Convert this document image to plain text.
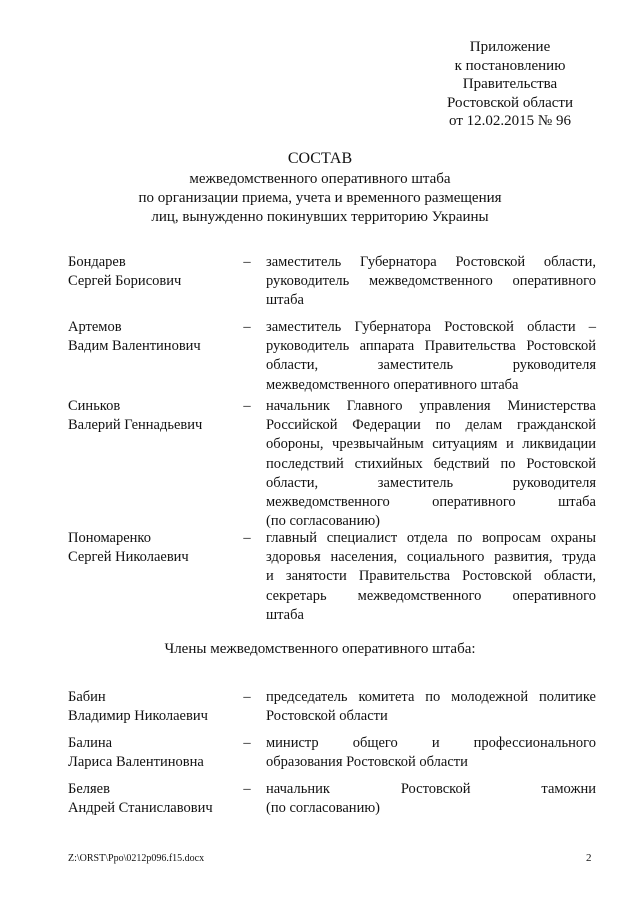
Приложение
к постановлению
Правительства
Ростовской области
от 12.02.2015 № 96
СОСТАВ
межведомственного оперативного штаба
по организации приема, учета и временного размещения
лиц, вынужденно покинувших территорию Украины
Бондарев
Сергей Борисович
– заместитель Губернатора Ростовской области,
руководитель межведомственного оперативного
штаба
Артемов
Вадим Валентинович
– заместитель Губернатора Ростовской области –
руководитель аппарата Правительства Ростовской
области, заместитель руководителя
межведомственного оперативного штаба
Синьков
Валерий Геннадьевич
– начальник Главного управления Министерства
Российской Федерации по делам гражданской
обороны, чрезвычайным ситуациям и ликвидации
последствий стихийных бедствий по Ростовской
области, заместитель руководителя
межведомственного оперативного штаба
(по согласованию)
Пономаренко
Сергей Николаевич
– главный специалист отдела по вопросам охраны
здоровья населения, социального развития, труда
и занятости Правительства Ростовской области,
секретарь межведомственного оперативного
штаба
Члены межведомственного оперативного штаба:
Бабин
Владимир Николаевич
– председатель комитета по молодежной политике
Ростовской области
Балина
Лариса Валентиновна
– министр общего и профессионального
образования Ростовской области
Беляев
Андрей Станиславович
– начальник Ростовской таможни
(по согласованию)
Z:\ORST\Ppo\0212p096.f15.docx	2
